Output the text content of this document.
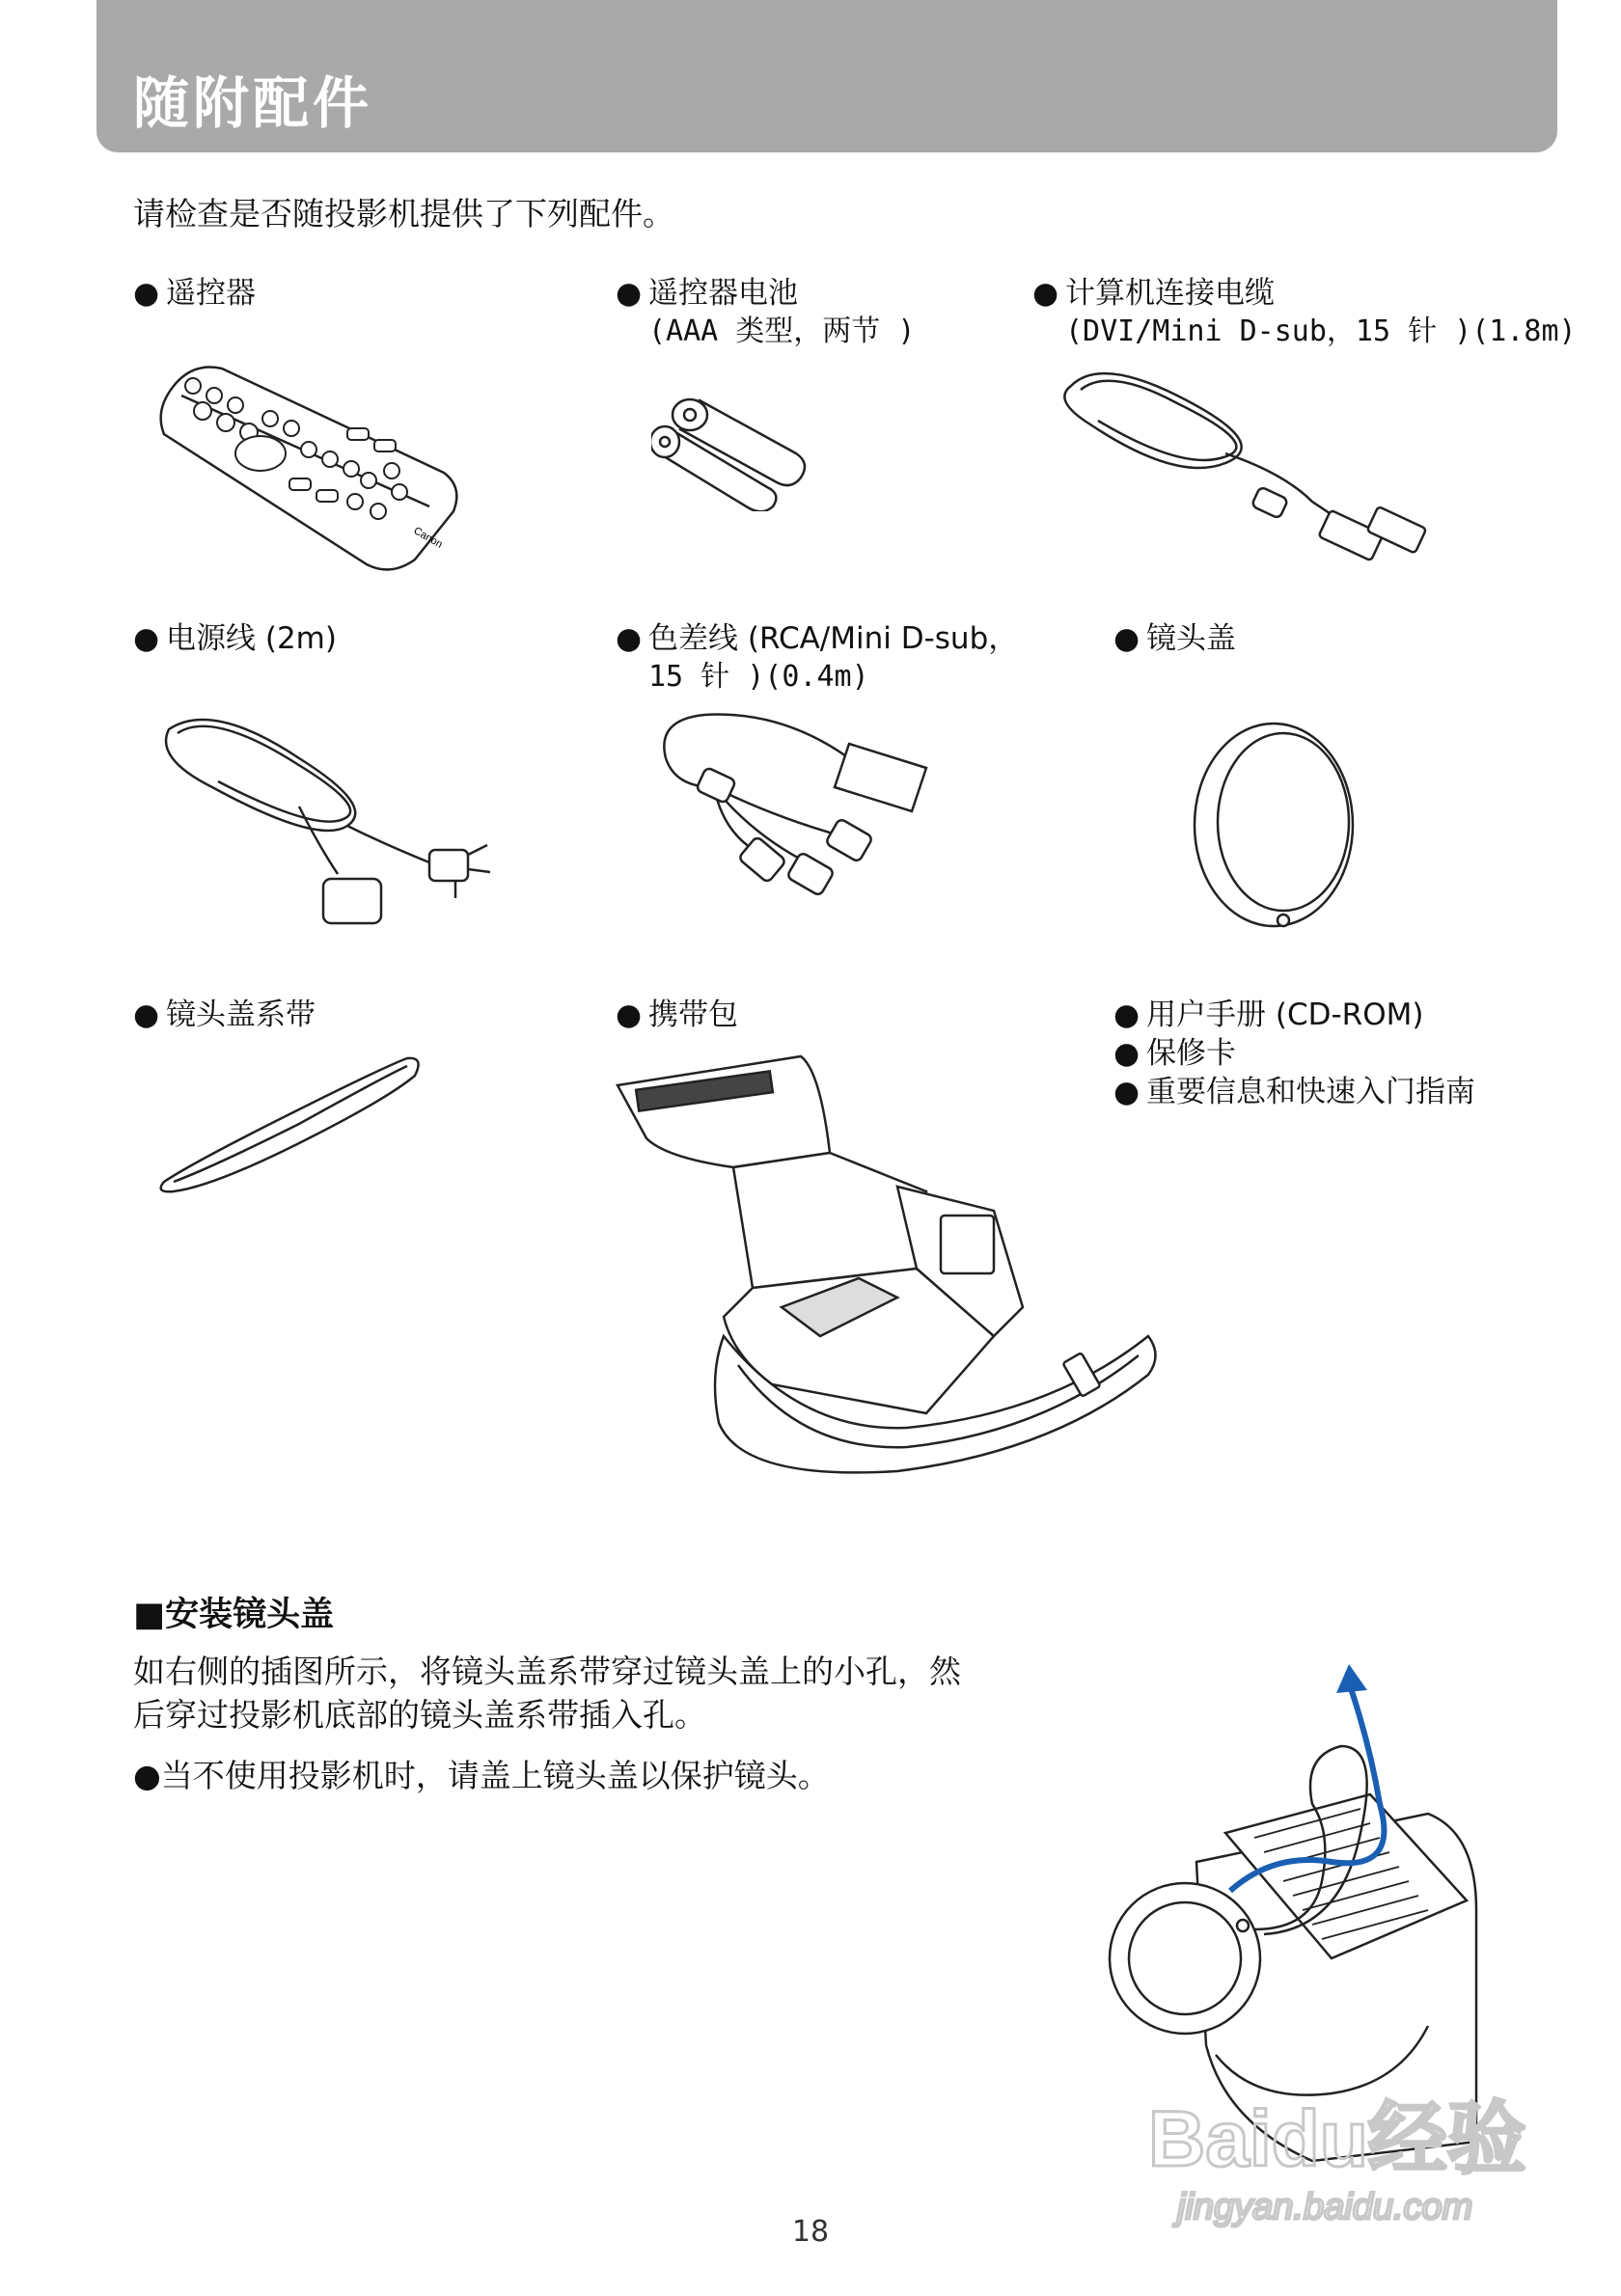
随附配件
请检查是否随投影机提供了下列配件。
● 遥控器	● 遥控器电池
(AAA 类型，两节 )
● 计算机连接电缆
(DVI/Mini D-sub，15 针 )(1.8m)
Canon
● 电源线 (2m)	● 色差线 (RCA/Mini D-sub，
15 针 )(0.4m)
● 镜头盖
● 镜头盖系带	● 携带包	● 用户手册 (CD-ROM)
● 保修卡
● 重要信息和快速入门指南
■安装镜头盖
如右侧的插图所示，将镜头盖系带穿过镜头盖上的小孔，然
后穿过投影机底部的镜头盖系带插入孔。
●当不使用投影机时，请盖上镜头盖以保护镜头。
Baidu经验
jingyan.baidu.com
18
